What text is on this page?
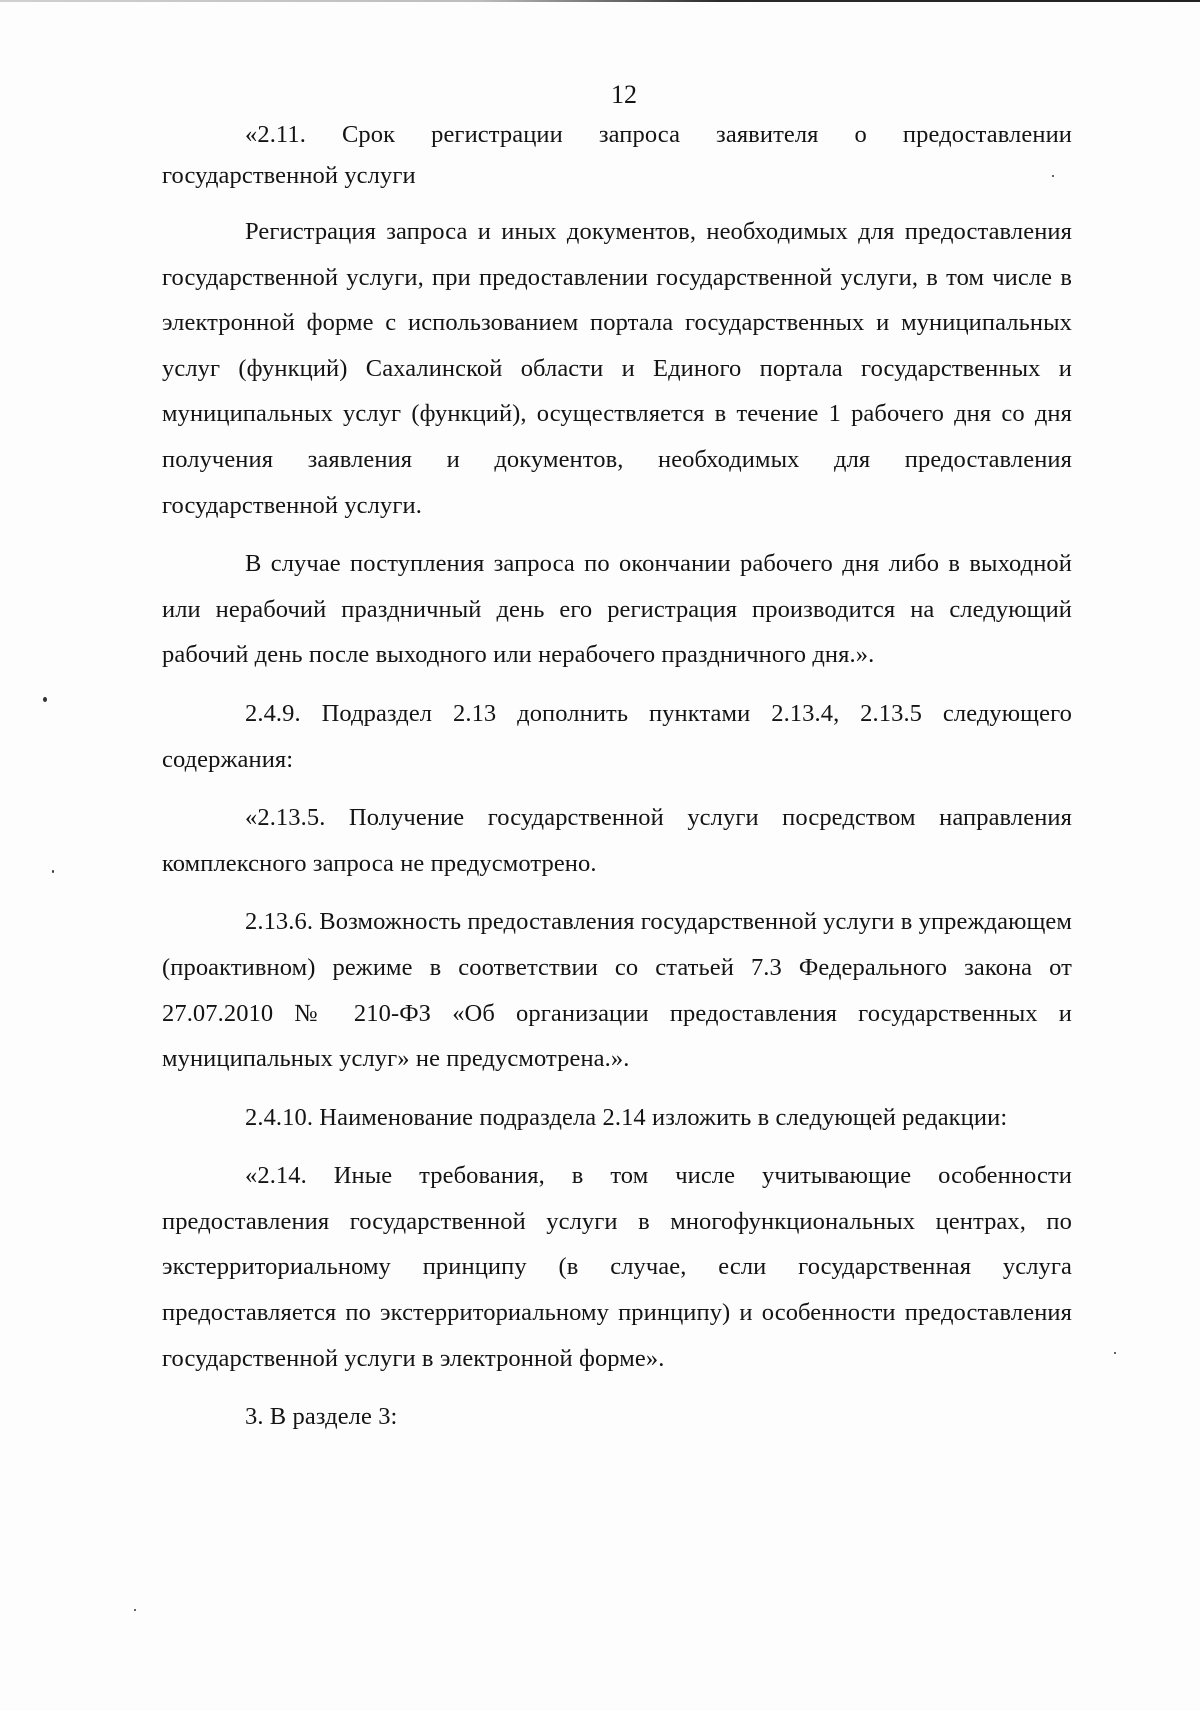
12

«2.11. Срок регистрации запроса заявителя о предоставлении государственной услуги

Регистрация запроса и иных документов, необходимых для предоставления государственной услуги, при предоставлении государственной услуги, в том числе в электронной форме с использованием портала государственных и муниципальных услуг (функций) Сахалинской области и Единого портала государственных и муниципальных услуг (функций), осуществляется в течение 1 рабочего дня со дня получения заявления и документов, необходимых для предоставления государственной услуги.

В случае поступления запроса по окончании рабочего дня либо в выходной или нерабочий праздничный день его регистрация производится на следующий рабочий день после выходного или нерабочего праздничного дня.».

2.4.9. Подраздел 2.13 дополнить пунктами 2.13.4, 2.13.5 следующего содержания:

«2.13.5. Получение государственной услуги посредством направления комплексного запроса не предусмотрено.

2.13.6. Возможность предоставления государственной услуги в упреждающем (проактивном) режиме в соответствии со статьей 7.3 Федерального закона от 27.07.2010 № 210-ФЗ «Об организации предоставления государственных и муниципальных услуг» не предусмотрена.».

2.4.10. Наименование подраздела 2.14 изложить в следующей редакции:

«2.14. Иные требования, в том числе учитывающие особенности предоставления государственной услуги в многофункциональных центрах, по экстерриториальному принципу (в случае, если государственная услуга предоставляется по экстерриториальному принципу) и особенности предоставления государственной услуги в электронной форме».

3. В разделе 3:
